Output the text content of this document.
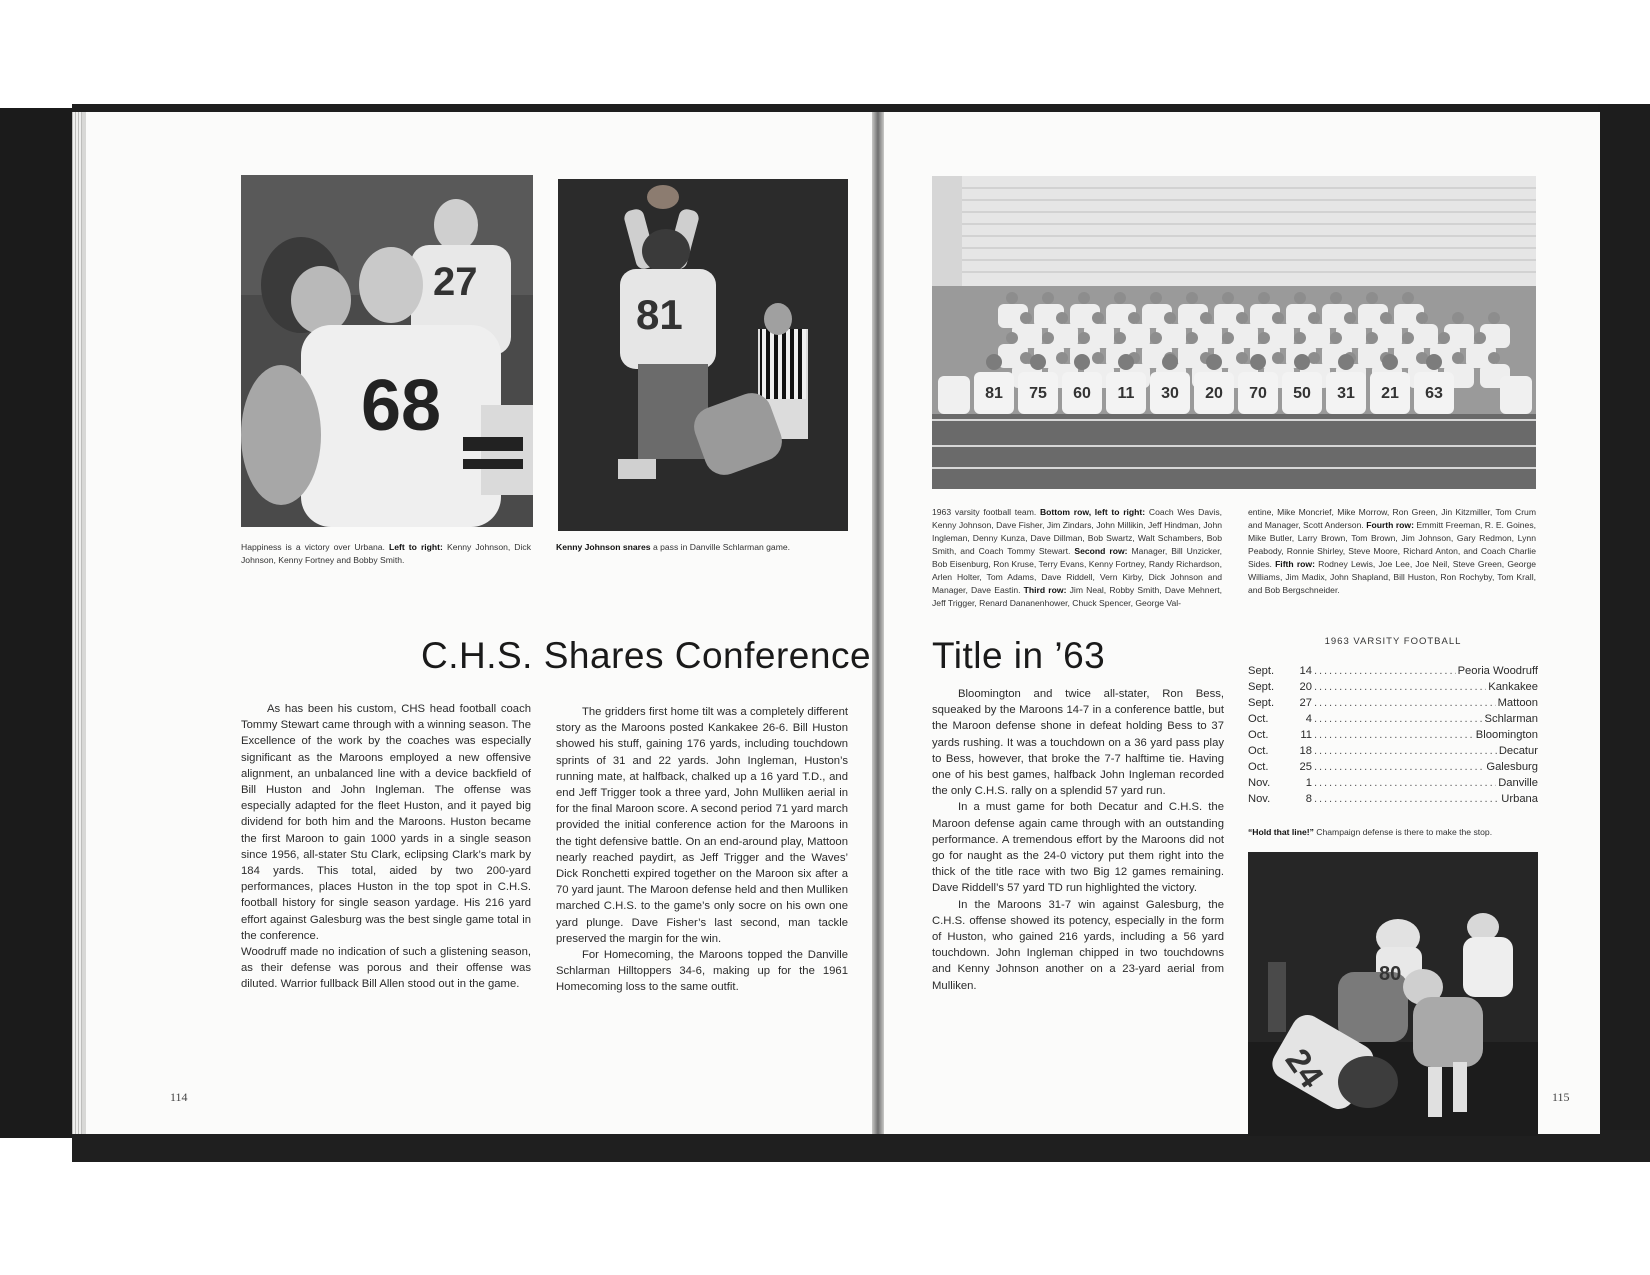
68
27
81
Happiness is a victory over Urbana. Left to right: Kenny Johnson, Dick Johnson, Kenny Fortney and Bobby Smith.
Kenny Johnson snares a pass in Danville Schlarman game.
81 75 60 11 30 20 70 50 31 21 63
1963 varsity football team. Bottom row, left to right: Coach Wes Davis, Kenny Johnson, Dave Fisher, Jim Zindars, John Millikin, Jeff Hindman, John Ingleman, Denny Kunza, Dave Dillman, Bob Swartz, Walt Schambers, Bob Smith, and Coach Tommy Stewart. Second row: Manager, Bill Unzicker, Bob Eisenburg, Ron Kruse, Terry Evans, Kenny Fortney, Randy Richardson, Arlen Holter, Tom Adams, Dave Riddell, Vern Kirby, Dick Johnson and Manager, Dave Eastin. Third row: Jim Neal, Robby Smith, Dave Mehnert, Jeff Trigger, Renard Dananenhower, Chuck Spencer, George Val-
entine, Mike Moncrief, Mike Morrow, Ron Green, Jin Kitzmiller, Tom Crum and Manager, Scott Anderson. Fourth row: Emmitt Freeman, R. E. Goines, Mike Butler, Larry Brown, Tom Brown, Jim Johnson, Gary Redmon, Lynn Peabody, Ronnie Shirley, Steve Moore, Richard Anton, and Coach Charlie Sides. Fifth row: Rodney Lewis, Joe Lee, Joe Neil, Steve Green, George Williams, Jim Madix, John Shapland, Bill Huston, Ron Rochyby, Tom Krall, and Bob Bergschneider.
C.H.S. Shares Conference Title in ’63	1963 VARSITY FOOTBALL
Sept.	14 . . .	Peoria Woodruff
Sept.	20 . . .	Kankakee
Sept.	27 . . .	Mattoon
Oct.	4 . . .	Schlarman
Oct.	11 . . .	Bloomington
Oct.	18 . . .	Decatur
Oct.	25 . . .	Galesburg
Nov.	1 . . .	Danville
Nov.	8 . . .	Urbana
“Hold that line!” Champaign defense is there to make the stop.
80
24

As has been his custom, CHS head football coach Tommy Stewart came through with a winning season. The Excellence of the work by the coaches was especially significant as the Maroons employed a new offensive alignment, an unbalanced line with a device backfield of Bill Huston and John Ingleman. The offense was especially adapted for the fleet Huston, and it payed big dividend for both him and the Maroons. Huston became the first Maroon to gain 1000 yards in a single season since 1956, all-stater Stu Clark, eclipsing Clark’s mark by 184 yards. This total, aided by two 200-yard performances, places Huston in the top spot in C.H.S. football history for single season yardage. His 216 yard effort against Galesburg was the best single game total in the conference.

Woodruff made no indication of such a glistening season, as their defense was porous and their offense was diluted. Warrior fullback Bill Allen stood out in the game.

The gridders first home tilt was a completely different story as the Maroons posted Kankakee 26-6. Bill Huston showed his stuff, gaining 176 yards, including touchdown sprints of 31 and 22 yards. John Ingleman, Huston’s running mate, at halfback, chalked up a 16 yard T.D., and end Jeff Trigger took a three yard, John Mulliken aerial in for the final Maroon score. A second period 71 yard march provided the initial conference action for the Maroons in the tight defensive battle. On an end-around play, Mattoon nearly reached paydirt, as Jeff Trigger and the Waves’ Dick Ronchetti expired together on the Maroon six after a 70 yard jaunt. The Maroon defense held and then Mulliken marched C.H.S. to the game’s only socre on his own one yard plunge. Dave Fisher’s last second, man tackle preserved the margin for the win.

For Homecoming, the Maroons topped the Danville Schlarman Hilltoppers 34-6, making up for the 1961 Homecoming loss to the same outfit.

Bloomington and twice all-stater, Ron Bess, squeaked by the Maroons 14-7 in a conference battle, but the Maroon defense shone in defeat holding Bess to 37 yards rushing. It was a touchdown on a 36 yard pass play to Bess, however, that broke the 7-7 halftime tie. Having one of his best games, halfback John Ingleman recorded the only C.H.S. rally on a splendid 57 yard run.

In a must game for both Decatur and C.H.S. the Maroon defense again came through with an outstanding performance. A tremendous effort by the Maroons did not go for naught as the 24-0 victory put them right into the thick of the title race with two Big 12 games remaining. Dave Riddell’s 57 yard TD run highlighted the victory.

In the Maroons 31-7 win against Galesburg, the C.H.S. offense showed its potency, especially in the form of Huston, who gained 216 yards, including a 56 yard touchdown. John Ingleman chipped in two touchdowns and Kenny Johnson another on a 23-yard aerial from Mulliken.

114	115
